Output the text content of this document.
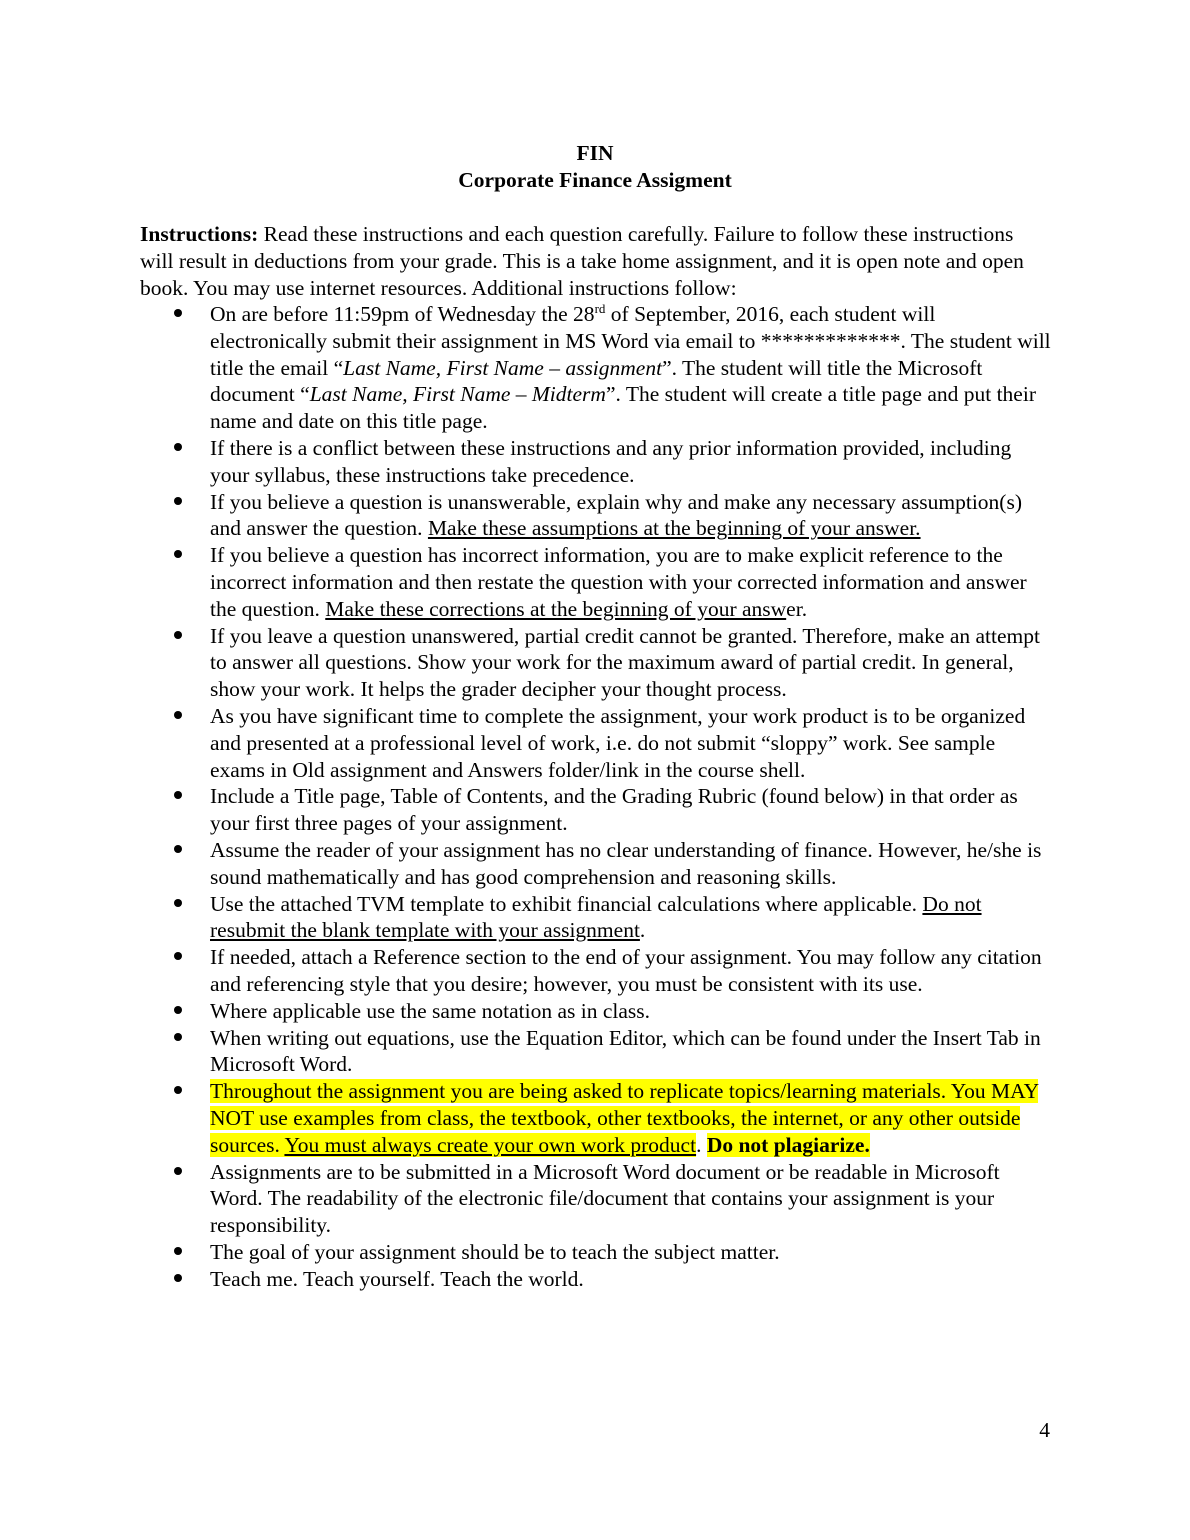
FIN
Corporate Finance Assigment
Instructions: Read these instructions and each question carefully. Failure to follow these instructions will result in deductions from your grade. This is a take home assignment, and it is open note and open book. You may use internet resources. Additional instructions follow:
On are before 11:59pm of Wednesday the 28rd of September, 2016, each student will electronically submit their assignment in MS Word via email to *************. The student will title the email “Last Name, First Name – assignment”. The student will title the Microsoft document “Last Name, First Name – Midterm”. The student will create a title page and put their name and date on this title page.
If there is a conflict between these instructions and any prior information provided, including your syllabus, these instructions take precedence.
If you believe a question is unanswerable, explain why and make any necessary assumption(s) and answer the question. Make these assumptions at the beginning of your answer.
If you believe a question has incorrect information, you are to make explicit reference to the incorrect information and then restate the question with your corrected information and answer the question. Make these corrections at the beginning of your answer.
If you leave a question unanswered, partial credit cannot be granted. Therefore, make an attempt to answer all questions. Show your work for the maximum award of partial credit. In general, show your work. It helps the grader decipher your thought process.
As you have significant time to complete the assignment, your work product is to be organized and presented at a professional level of work, i.e. do not submit “sloppy” work. See sample exams in Old assignment and Answers folder/link in the course shell.
Include a Title page, Table of Contents, and the Grading Rubric (found below) in that order as your first three pages of your assignment.
Assume the reader of your assignment has no clear understanding of finance. However, he/she is sound mathematically and has good comprehension and reasoning skills.
Use the attached TVM template to exhibit financial calculations where applicable. Do not resubmit the blank template with your assignment.
If needed, attach a Reference section to the end of your assignment. You may follow any citation and referencing style that you desire; however, you must be consistent with its use.
Where applicable use the same notation as in class.
When writing out equations, use the Equation Editor, which can be found under the Insert Tab in Microsoft Word.
Throughout the assignment you are being asked to replicate topics/learning materials. You MAY NOT use examples from class, the textbook, other textbooks, the internet, or any other outside sources. You must always create your own work product. Do not plagiarize.
Assignments are to be submitted in a Microsoft Word document or be readable in Microsoft Word. The readability of the electronic file/document that contains your assignment is your responsibility.
The goal of your assignment should be to teach the subject matter.
Teach me. Teach yourself. Teach the world.
4
